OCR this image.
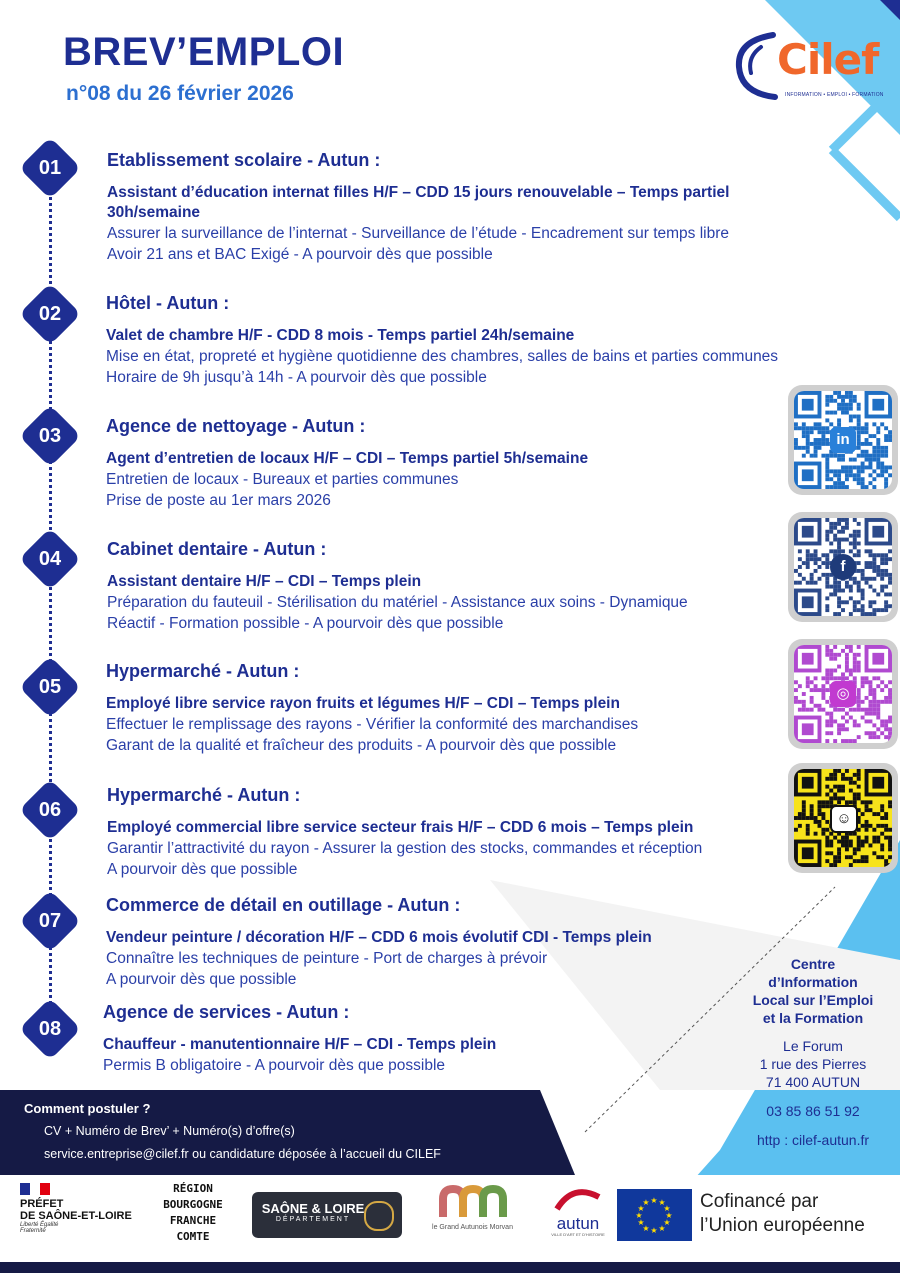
BREV’EMPLOI
n°08 du 26 février 2026
Cilef
INFORMATION • EMPLOI • FORMATION
01
02
03
04
05
06
07
08
Etablissement scolaire - Autun :
Assistant d’éducation internat filles H/F – CDD 15 jours renouvelable – Temps partiel 30h/semaine
Assurer la surveillance de l’internat - Surveillance de l’étude - Encadrement sur temps libre
Avoir 21 ans et BAC Exigé - A pourvoir dès que possible
Hôtel - Autun :
Valet de chambre H/F - CDD 8 mois - Temps partiel 24h/semaine
Mise en état, propreté et hygiène quotidienne des chambres, salles de bains et parties communes
Horaire de 9h jusqu’à 14h - A pourvoir dès que possible
Agence de nettoyage - Autun :
Agent d’entretien de locaux H/F – CDI – Temps partiel 5h/semaine
Entretien de locaux - Bureaux et parties communes
Prise de poste au 1er mars 2026
Cabinet dentaire - Autun :
Assistant dentaire H/F – CDI – Temps plein
Préparation du fauteuil - Stérilisation du matériel - Assistance aux soins - Dynamique
Réactif - Formation possible - A pourvoir dès que possible
Hypermarché - Autun :
Employé libre service rayon fruits et légumes H/F – CDI – Temps plein
Effectuer le remplissage des rayons - Vérifier la conformité des marchandises
Garant de la qualité et fraîcheur des produits - A pourvoir dès que possible
Hypermarché - Autun :
Employé commercial libre service secteur frais H/F – CDD 6 mois – Temps plein
Garantir l’attractivité du rayon - Assurer la gestion des stocks, commandes et réception
A pourvoir dès que possible
Commerce de détail en outillage - Autun :
Vendeur peinture / décoration H/F – CDD 6 mois évolutif CDI - Temps plein
Connaître les techniques de peinture - Port de charges à prévoir
A pourvoir dès que possible
Agence de services - Autun :
Chauffeur - manutentionnaire H/F – CDI - Temps plein
Permis B obligatoire - A pourvoir dès que possible
in
f
◎
☺
Centre
d’Information
Local sur l’Emploi
et la Formation
Le Forum
1 rue des Pierres
71 400 AUTUN
03 85 86 51 92
http : cilef-autun.fr
Comment postuler ?
CV + Numéro de Brev’ + Numéro(s) d’offre(s)
service.entreprise@cilef.fr ou candidature déposée à l’accueil du CILEF
PRÉFET
DE SAÔNE-ET-LOIRE
Liberté Égalité Fraternité
RÉGION
BOURGOGNE
FRANCHE
COMTE
SAÔNE & LOIRE
DÉPARTEMENT
le Grand Autunois Morvan	autun
VILLE D’ART ET D’HISTOIRE
★ ★
★
★
★
★
★
★
★
★
★
★	Cofinancé par
l’Union européenne
